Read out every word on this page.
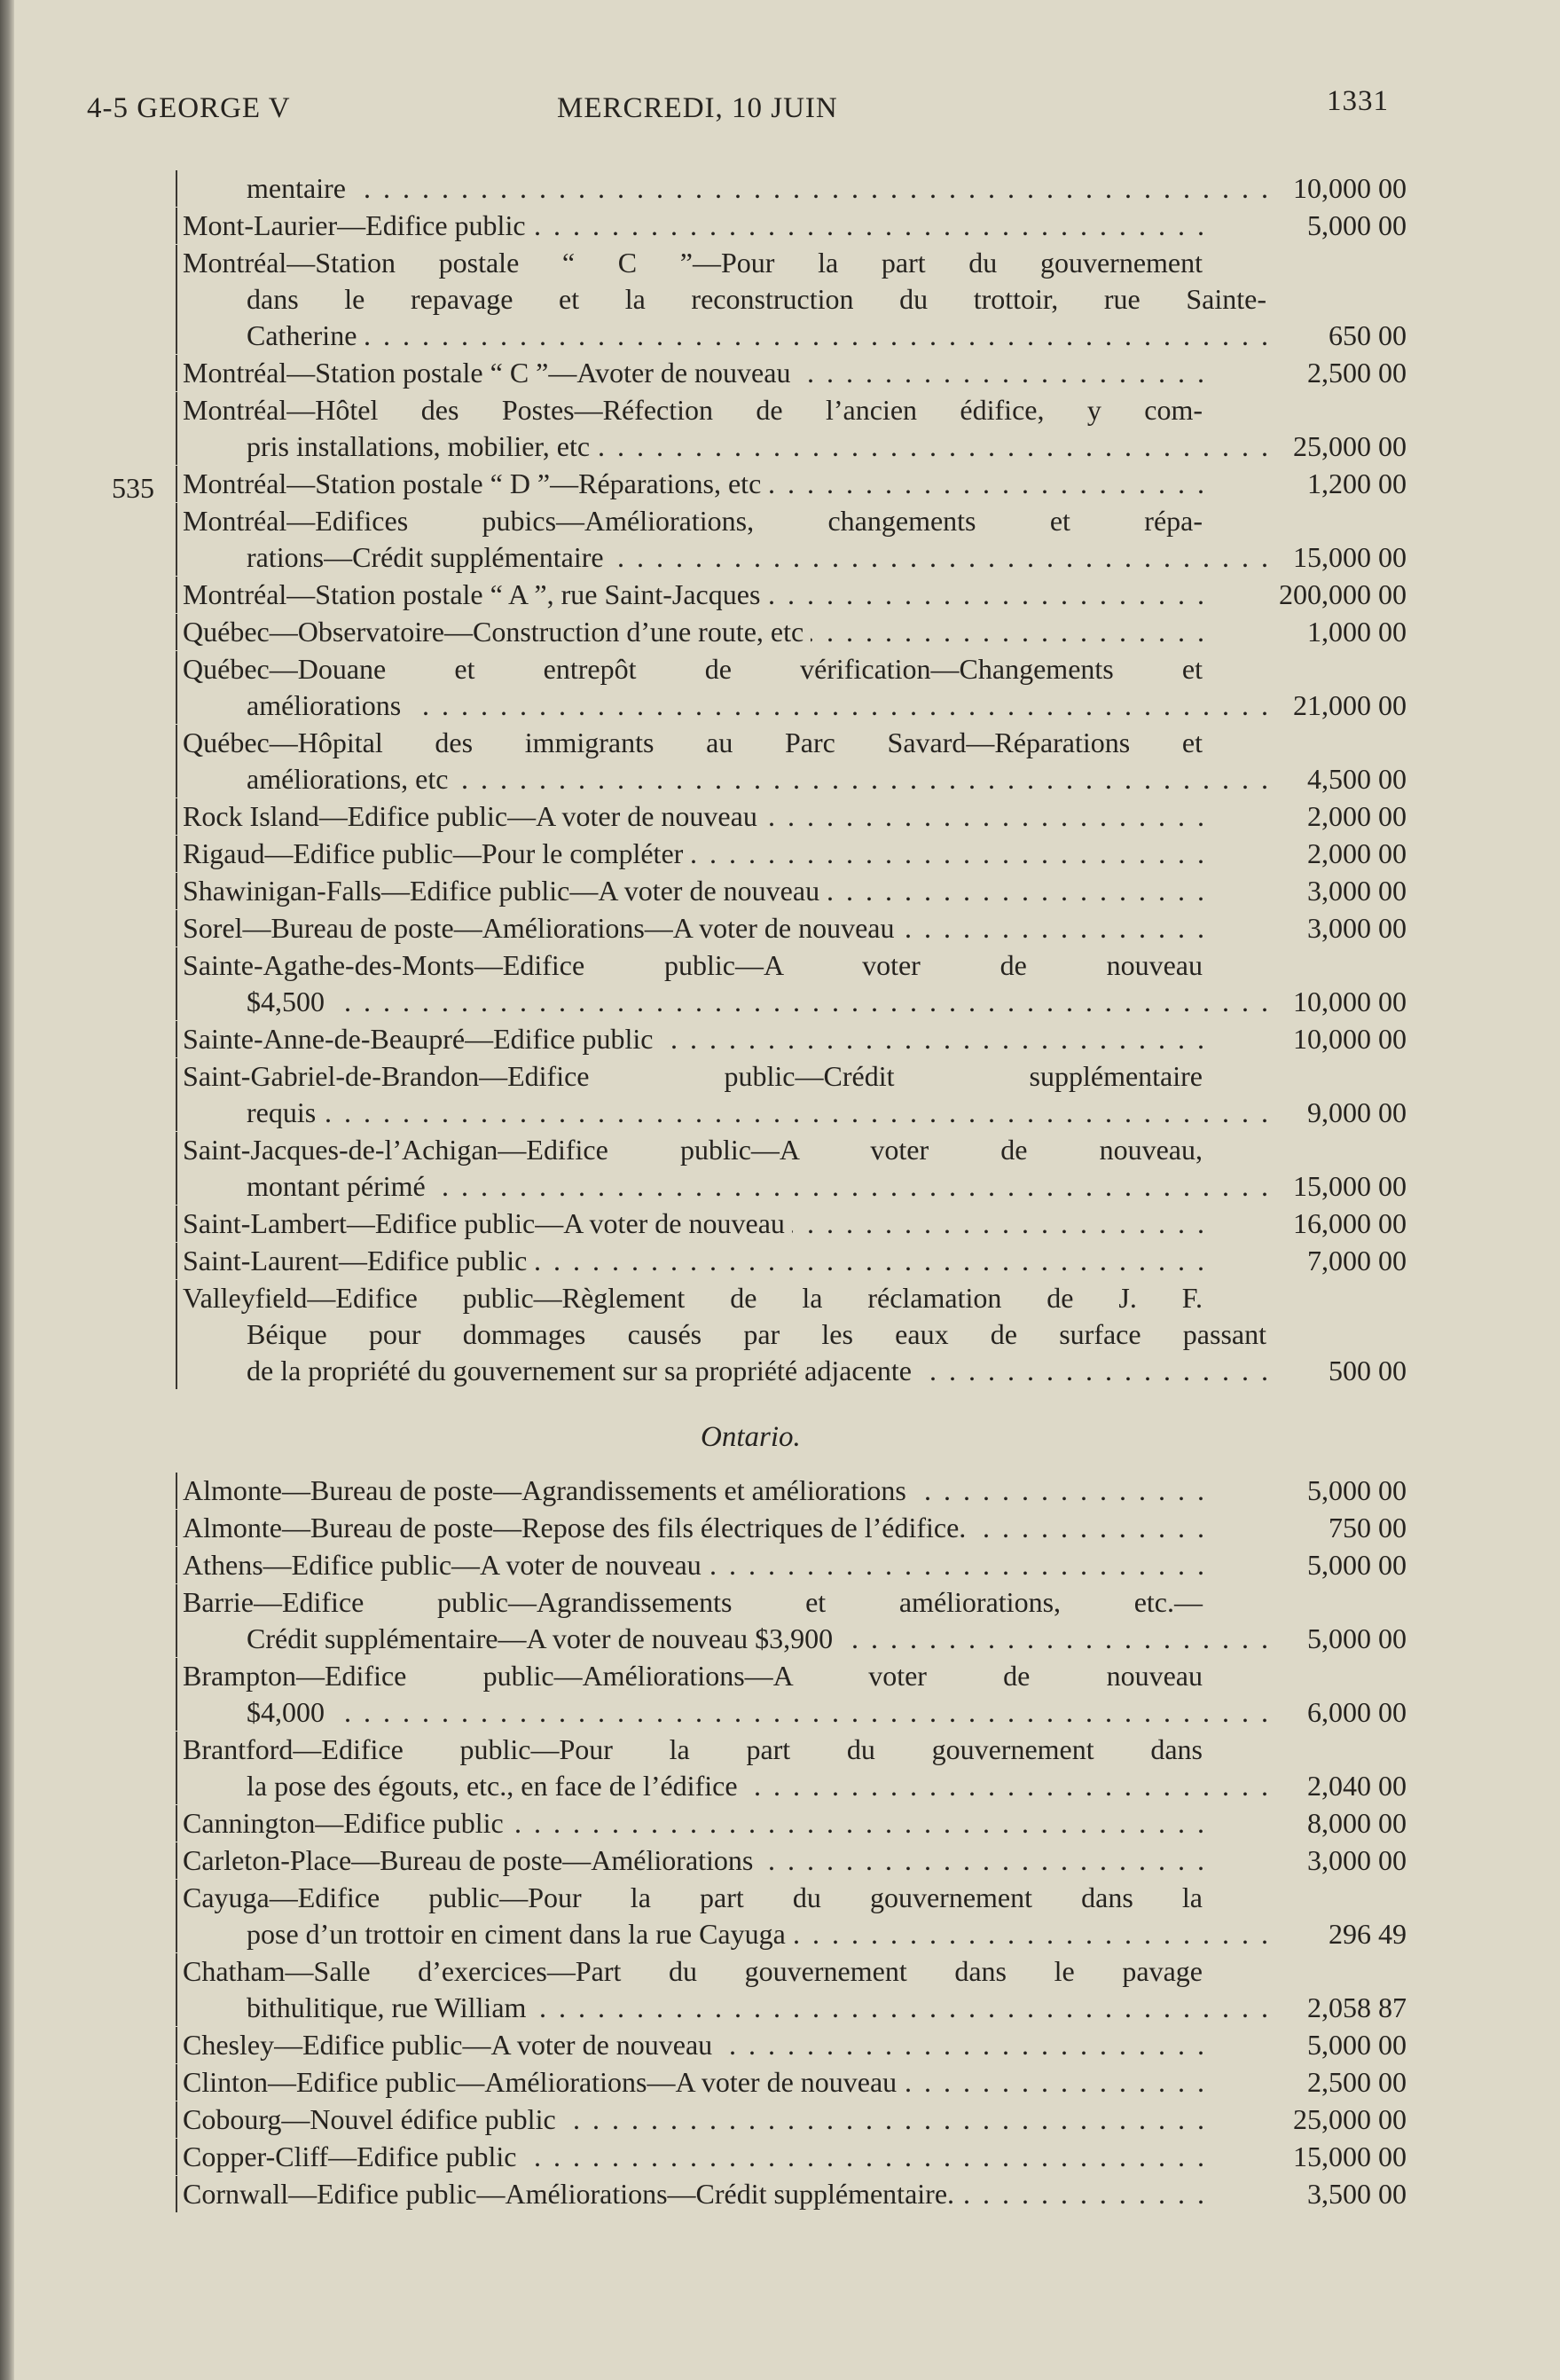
4-5 GEORGE V	MERCREDI, 10 JUIN	1331
535
Ontario.
mentaire . . .	10,000 00
Mont-Laurier—Edifice public . . .	5,000 00
Montréal—Station postale “ C ”—Pour la part du gouvernement
dans le repavage et la reconstruction du trottoir, rue Sainte-
Catherine . . .	650 00
Montréal—Station postale “ C ”—Avoter de nouveau . . .	2,500 00
Montréal—Hôtel des Postes—Réfection de l’ancien édifice, y com-
pris installations, mobilier, etc . . .	25,000 00
Montréal—Station postale “ D ”—Réparations, etc . . .	1,200 00
Montréal—Edifices pubics—Améliorations, changements et répa-
rations—Crédit supplémentaire . . .	15,000 00
Montréal—Station postale “ A ”, rue Saint-Jacques . . .	200,000 00
Québec—Observatoire—Construction d’une route, etc . . .	1,000 00
Québec—Douane et entrepôt de vérification—Changements et
améliorations . . .	21,000 00
Québec—Hôpital des immigrants au Parc Savard—Réparations et
améliorations, etc . . .	4,500 00
Rock Island—Edifice public—A voter de nouveau . . .	2,000 00
Rigaud—Edifice public—Pour le compléter . . .	2,000 00
Shawinigan-Falls—Edifice public—A voter de nouveau . . .	3,000 00
Sorel—Bureau de poste—Améliorations—A voter de nouveau . . .	3,000 00
Sainte-Agathe-des-Monts—Edifice public—A voter de nouveau
$4,500 . . .	10,000 00
Sainte-Anne-de-Beaupré—Edifice public . . .	10,000 00
Saint-Gabriel-de-Brandon—Edifice public—Crédit supplémentaire
requis . . .	9,000 00
Saint-Jacques-de-l’Achigan—Edifice public—A voter de nouveau,
montant périmé . . .	15,000 00
Saint-Lambert—Edifice public—A voter de nouveau . . .	16,000 00
Saint-Laurent—Edifice public . . .	7,000 00
Valleyfield—Edifice public—Règlement de la réclamation de J. F.
Béique pour dommages causés par les eaux de surface passant
de la propriété du gouvernement sur sa propriété adjacente . . .	500 00
Almonte—Bureau de poste—Agrandissements et améliorations . . .	5,000 00
Almonte—Bureau de poste—Repose des fils électriques de l’édifice. . . .	750 00
Athens—Edifice public—A voter de nouveau . . .	5,000 00
Barrie—Edifice public—Agrandissements et améliorations, etc.—
Crédit supplémentaire—A voter de nouveau $3,900 . . .	5,000 00
Brampton—Edifice public—Améliorations—A voter de nouveau
$4,000 . . .	6,000 00
Brantford—Edifice public—Pour la part du gouvernement dans
la pose des égouts, etc., en face de l’édifice . . .	2,040 00
Cannington—Edifice public . . .	8,000 00
Carleton-Place—Bureau de poste—Améliorations . . .	3,000 00
Cayuga—Edifice public—Pour la part du gouvernement dans la
pose d’un trottoir en ciment dans la rue Cayuga . . .	296 49
Chatham—Salle d’exercices—Part du gouvernement dans le pavage
bithulitique, rue William . . .	2,058 87
Chesley—Edifice public—A voter de nouveau . . .	5,000 00
Clinton—Edifice public—Améliorations—A voter de nouveau . . .	2,500 00
Cobourg—Nouvel édifice public . . .	25,000 00
Copper-Cliff—Edifice public . . .	15,000 00
Cornwall—Edifice public—Améliorations—Crédit supplémentaire. . . .	3,500 00
